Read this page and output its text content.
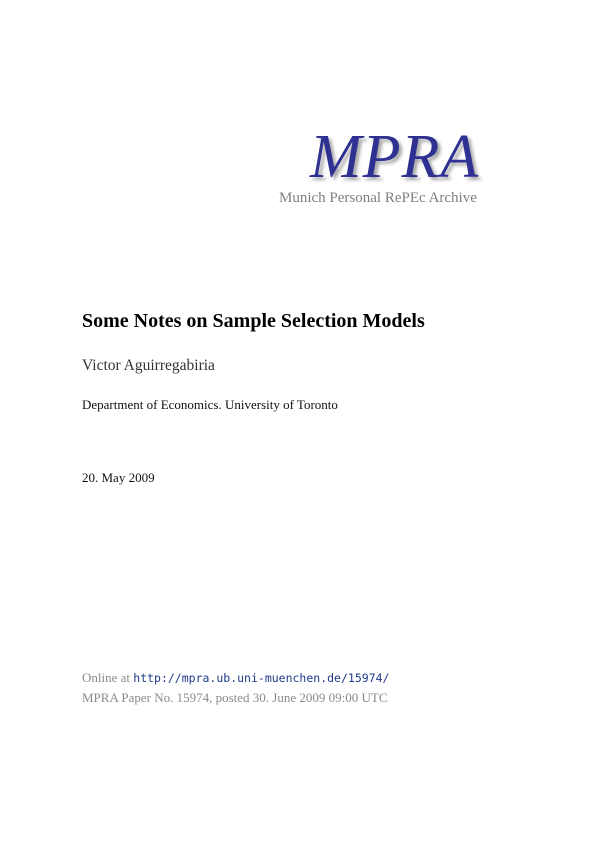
MPRA
Munich Personal RePEc Archive
Some Notes on Sample Selection Models
Victor Aguirregabiria
Department of Economics. University of Toronto
20. May 2009
Online at http://mpra.ub.uni-muenchen.de/15974/
MPRA Paper No. 15974, posted 30. June 2009 09:00 UTC
